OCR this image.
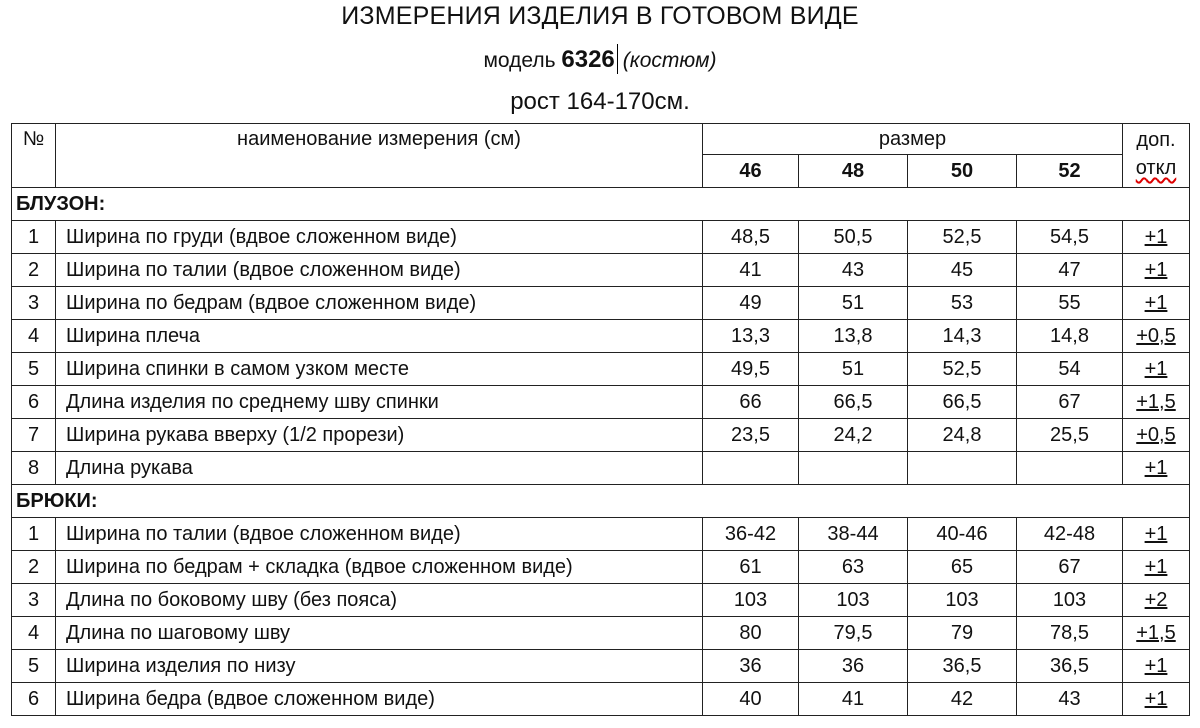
ИЗМЕРЕНИЯ ИЗДЕЛИЯ В ГОТОВОМ ВИДЕ
модель 6326 (костюм)
рост 164-170см.
№	наименование измерения (см)	размер				доп.
откл
		46	48	50	52	
БЛУЗОН:						
1	Ширина по груди (вдвое сложенном виде)	48,5	50,5	52,5	54,5	+1
2	Ширина по талии (вдвое сложенном виде)	41	43	45	47	+1
3	Ширина по бедрам (вдвое сложенном виде)	49	51	53	55	+1
4	Ширина плеча	13,3	13,8	14,3	14,8	+0,5
5	Ширина спинки в самом узком месте	49,5	51	52,5	54	+1
6	Длина изделия по среднему шву спинки	66	66,5	66,5	67	+1,5
7	Ширина рукава вверху (1/2 прорези)	23,5	24,2	24,8	25,5	+0,5
8	Длина рукава					+1
БРЮКИ:						
1	Ширина по талии (вдвое сложенном виде)	36-42	38-44	40-46	42-48	+1
2	Ширина по бедрам + складка (вдвое сложенном виде)	61	63	65	67	+1
3	Длина по боковому шву (без пояса)	103	103	103	103	+2
4	Длина по шаговому шву	80	79,5	79	78,5	+1,5
5	Ширина изделия по низу	36	36	36,5	36,5	+1
6	Ширина бедра (вдвое сложенном виде)	40	41	42	43	+1
